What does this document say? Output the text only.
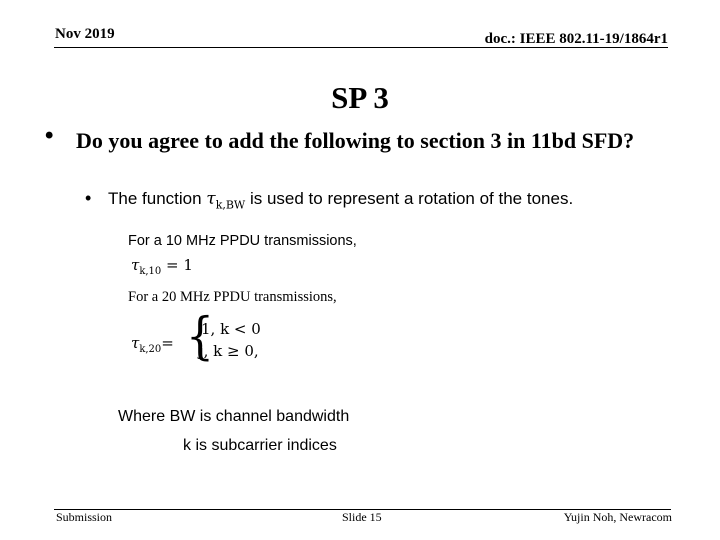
Nov 2019	doc.: IEEE 802.11-19/1864r1
SP 3
• Do you agree to add the following to section 3 in 11bd SFD?
• The function $\tau_{k,BW}$ is used to represent a rotation of the tones.
For a 10 MHz PPDU transmissions,
$\tau_{k,10} = 1$
For a 20 MHz PPDU transmissions,
$\tau_{k,20}=$ {
1, k < 0
j, k ≥ 0,
Where BW is channel bandwidth
k is subcarrier indices
Submission	Slide 15	Yujin Noh, Newracom
